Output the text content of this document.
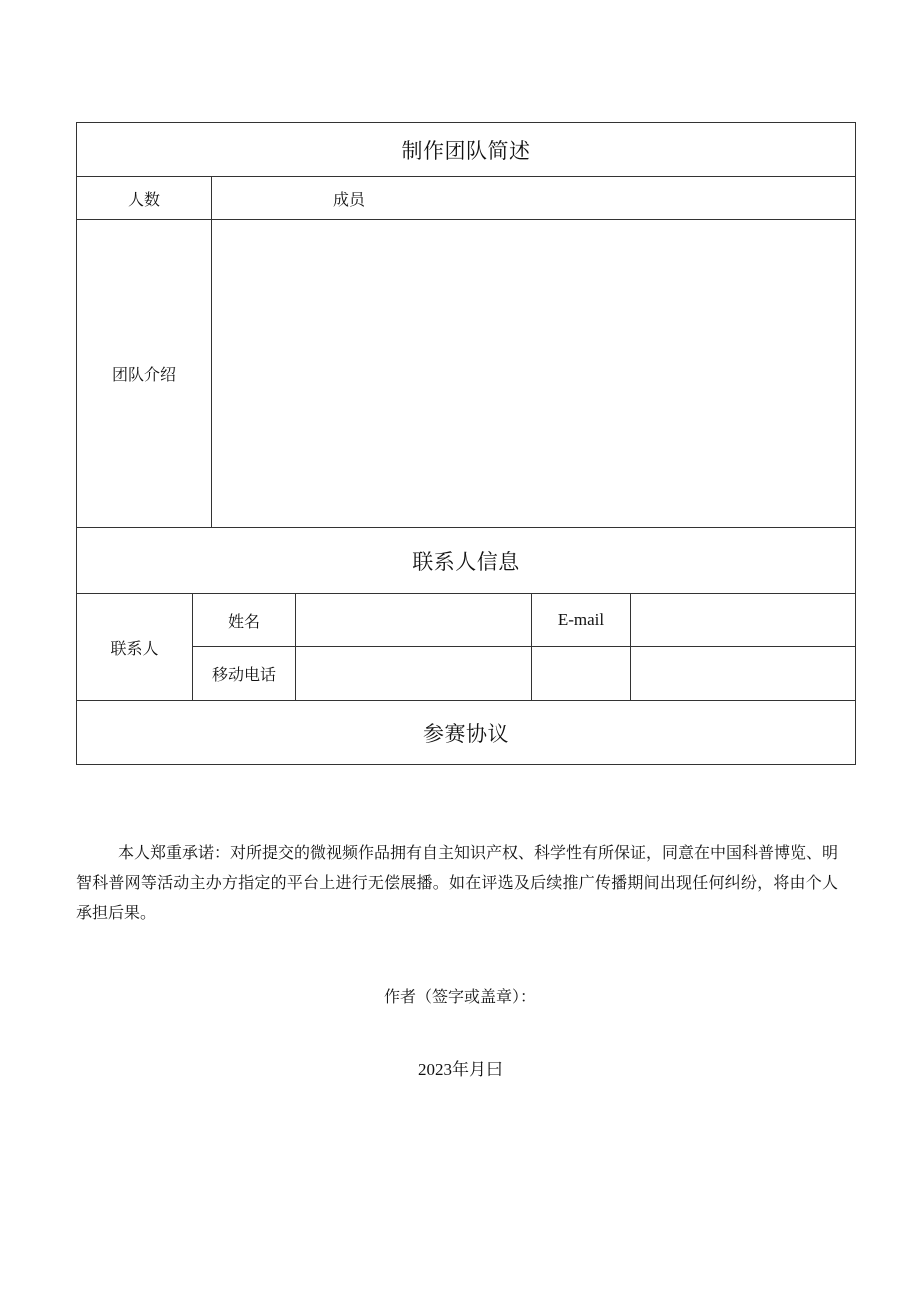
制作团队简述
人数	成员
团队介绍
联系人信息
联系人
姓名	E-mail
移动电话
参赛协议

本人郑重承诺：对所提交的微视频作品拥有自主知识产权、科学性有所保证，同意在中国科普博览、明智科普网等活动主办方指定的平台上进行无偿展播。如在评选及后续推广传播期间出现任何纠纷，将由个人承担后果。

作者（签字或盖章）：
2023年月曰
